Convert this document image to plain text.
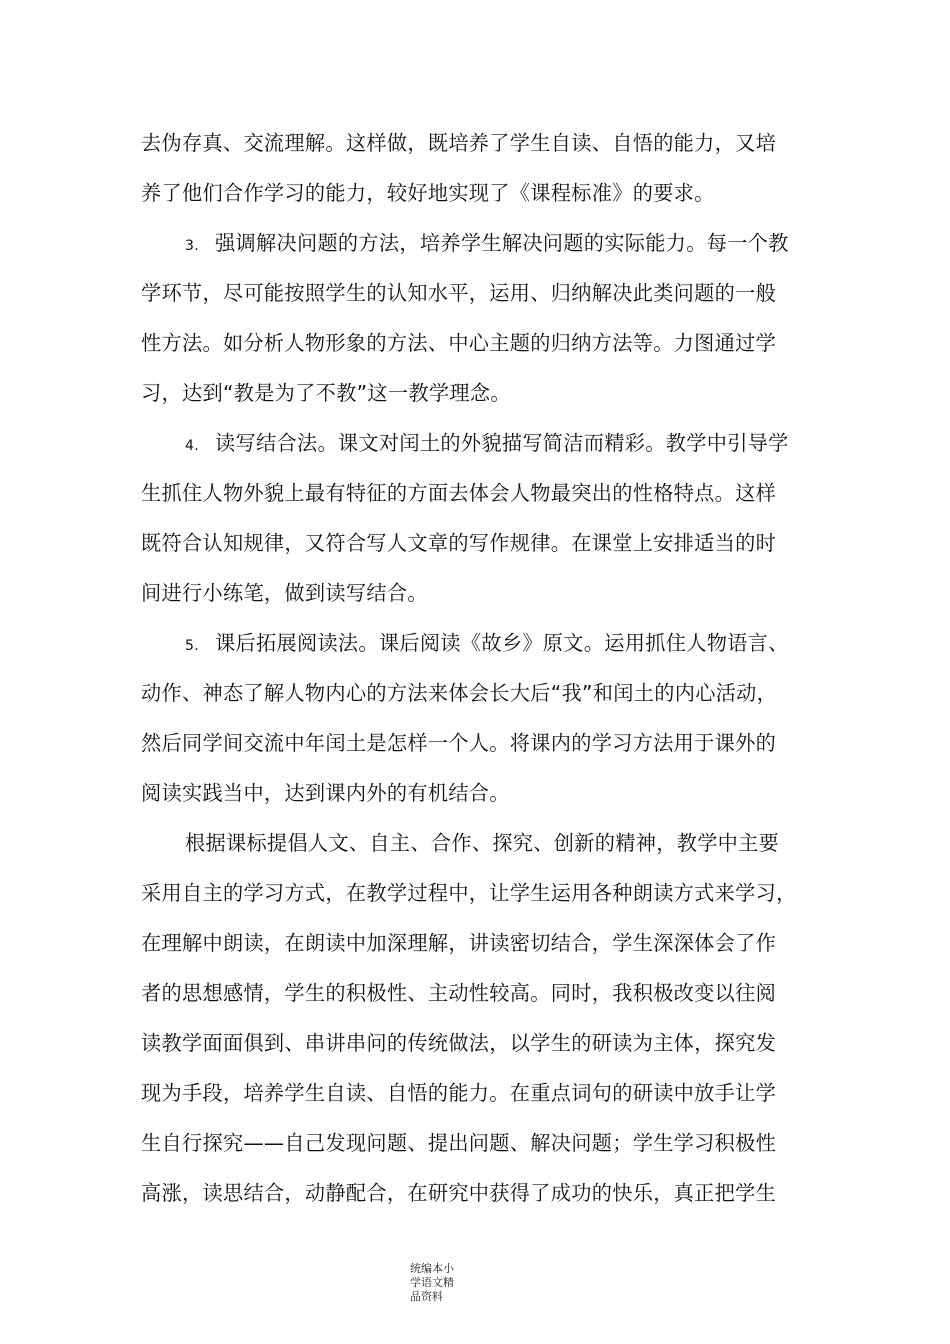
去伪存真、交流理解。这样做，既培养了学生自读、自悟的能力，又培
养了他们合作学习的能力，较好地实现了《课程标准》的要求。
3. 强调解决问题的方法，培养学生解决问题的实际能力。每一个教
学环节，尽可能按照学生的认知水平，运用、归纳解决此类问题的一般
性方法。如分析人物形象的方法、中心主题的归纳方法等。力图通过学
习，达到“教是为了不教”这一教学理念。
4. 读写结合法。课文对闰土的外貌描写简洁而精彩。教学中引导学
生抓住人物外貌上最有特征的方面去体会人物最突出的性格特点。这样
既符合认知规律，又符合写人文章的写作规律。在课堂上安排适当的时
间进行小练笔，做到读写结合。
5. 课后拓展阅读法。课后阅读《故乡》原文。运用抓住人物语言、
动作、神态了解人物内心的方法来体会长大后“我”和闰土的内心活动，
然后同学间交流中年闰土是怎样一个人。将课内的学习方法用于课外的
阅读实践当中，达到课内外的有机结合。
根据课标提倡人文、自主、合作、探究、创新的精神，教学中主要
采用自主的学习方式，在教学过程中，让学生运用各种朗读方式来学习，
在理解中朗读，在朗读中加深理解，讲读密切结合，学生深深体会了作
者的思想感情，学生的积极性、主动性较高。同时，我积极改变以往阅
读教学面面俱到、串讲串问的传统做法，以学生的研读为主体，探究发
现为手段，培养学生自读、自悟的能力。在重点词句的研读中放手让学
生自行探究——自己发现问题、提出问题、解决问题；学生学习积极性
高涨，读思结合，动静配合，在研究中获得了成功的快乐，真正把学生
统编本小学语文精品资料
